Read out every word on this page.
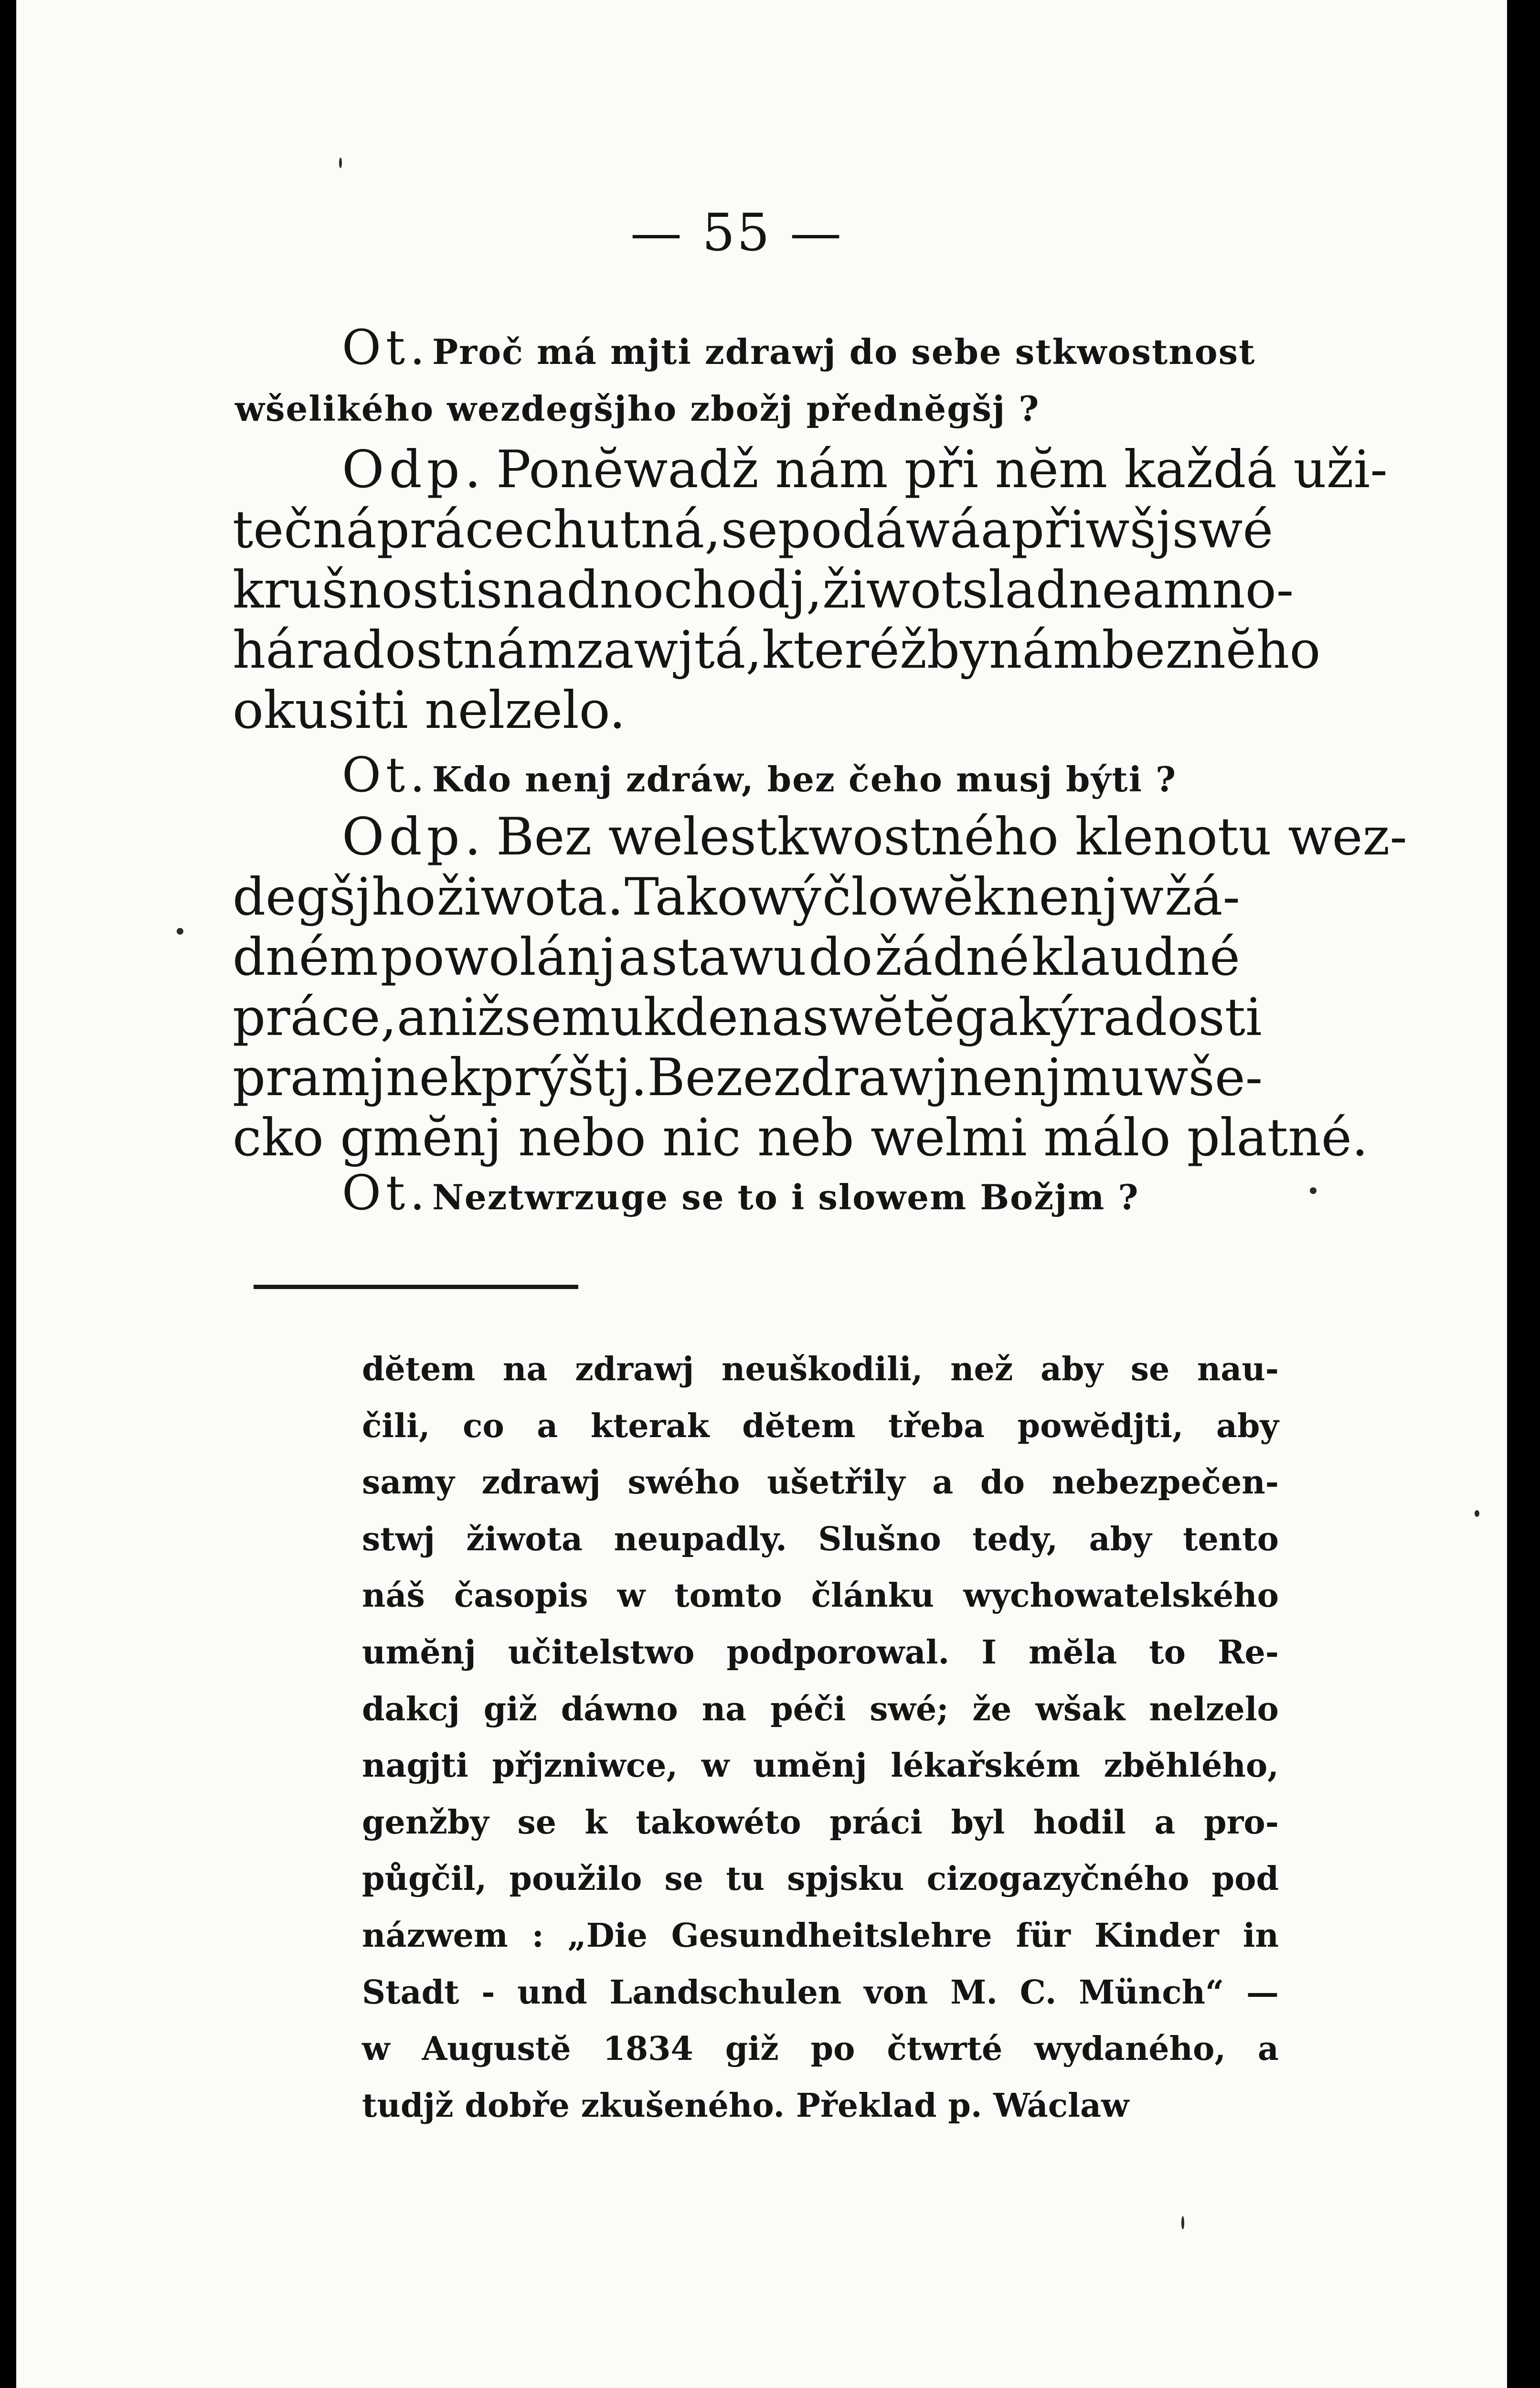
— 55 —
Ot. Proč má mjti zdrawj do sebe stkwostnost
wšelikého wezdegšjho zbožj přednĕgšj ?
Odp. Ponĕwadž nám při nĕm každá uži-
tečná práce chutná, se podáwá a při wšj swé
krušnosti snadno chodj, žiwot sladne a mno-
há radost nám zawjtá, kteréžby nám bez nĕho
okusiti nelzelo.
Ot. Kdo nenj zdráw, bez čeho musj býti ?
Odp. Bez welestkwostného klenotu wez-
degšjho žiwota. Takowý člowĕk nenj w žá-
dném powolánj a stawu do žádné klaudné
práce, aniž se mu kde na swĕtĕ gaký radosti
pramjnek prýštj. Beze zdrawj nenj mu wše-
cko gmĕnj nebo nic neb welmi málo platné.
Ot. Neztwrzuge se to i slowem Božjm ?
dĕtem na zdrawj neuškodili, než aby se nau-
čili, co a kterak dĕtem třeba powĕdjti, aby
samy zdrawj swého ušetřily a do nebezpečen-
stwj žiwota neupadly. Slušno tedy, aby tento
náš časopis w tomto článku wychowatelského
umĕnj učitelstwo podporowal. I mĕla to Re-
dakcj giž dáwno na péči swé; že wšak nelzelo
nagjti přjzniwce, w umĕnj lékařském zbĕhlého,
genžby se k takowéto práci byl hodil a pro-
půgčil, použilo se tu spjsku cizogazyčného pod
názwem : „Die Gesundheitslehre für Kinder in
Stadt - und Landschulen von M. C. Münch“ —
w Augustĕ 1834 giž po čtwrté wydaného, a
tudjž dobře zkušeného. Překlad p. Wáclaw
